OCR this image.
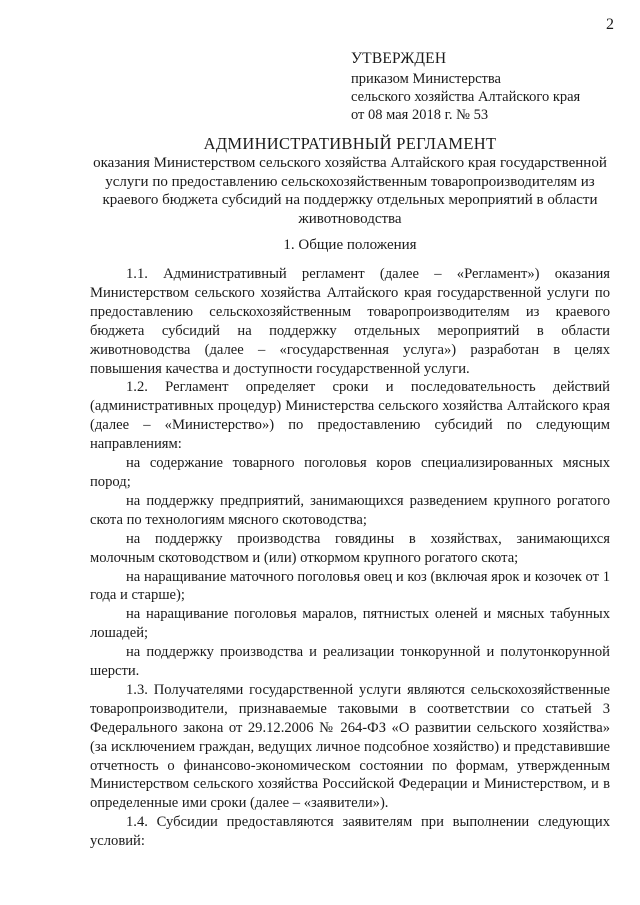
2
УТВЕРЖДЕН
приказом Министерства
сельского хозяйства Алтайского края
от 08 мая 2018 г. № 53
АДМИНИСТРАТИВНЫЙ РЕГЛАМЕНТ
оказания Министерством сельского хозяйства Алтайского края государственной услуги по предоставлению сельскохозяйственным товаропроизводителям из краевого бюджета субсидий на поддержку отдельных мероприятий в области животноводства
1. Общие положения

1.1. Административный регламент (далее – «Регламент») оказания Министерством сельского хозяйства Алтайского края государственной услуги по предоставлению сельскохозяйственным товаропроизводителям из краевого бюджета субсидий на поддержку отдельных мероприятий в области животноводства (далее – «государственная услуга») разработан в целях повышения качества и доступности государственной услуги.

1.2. Регламент определяет сроки и последовательность действий (административных процедур) Министерства сельского хозяйства Алтайского края (далее – «Министерство») по предоставлению субсидий по следующим направлениям:

на содержание товарного поголовья коров специализированных мясных пород;

на поддержку предприятий, занимающихся разведением крупного рогатого скота по технологиям мясного скотоводства;

на поддержку производства говядины в хозяйствах, занимающихся молочным скотоводством и (или) откормом крупного рогатого скота;

на наращивание маточного поголовья овец и коз (включая ярок и козочек от 1 года и старше);

на наращивание поголовья маралов, пятнистых оленей и мясных табунных лошадей;

на поддержку производства и реализации тонкорунной и полутонкорунной шерсти.

1.3. Получателями государственной услуги являются сельскохозяйственные товаропроизводители, признаваемые таковыми в соответствии со статьей 3 Федерального закона от 29.12.2006 № 264-ФЗ «О развитии сельского хозяйства» (за исключением граждан, ведущих личное подсобное хозяйство) и представившие отчетность о финансово-экономическом состоянии по формам, утвержденным Министерством сельского хозяйства Российской Федерации и Министерством, и в определенные ими сроки (далее – «заявители»).

1.4. Субсидии предоставляются заявителям при выполнении следующих условий:
